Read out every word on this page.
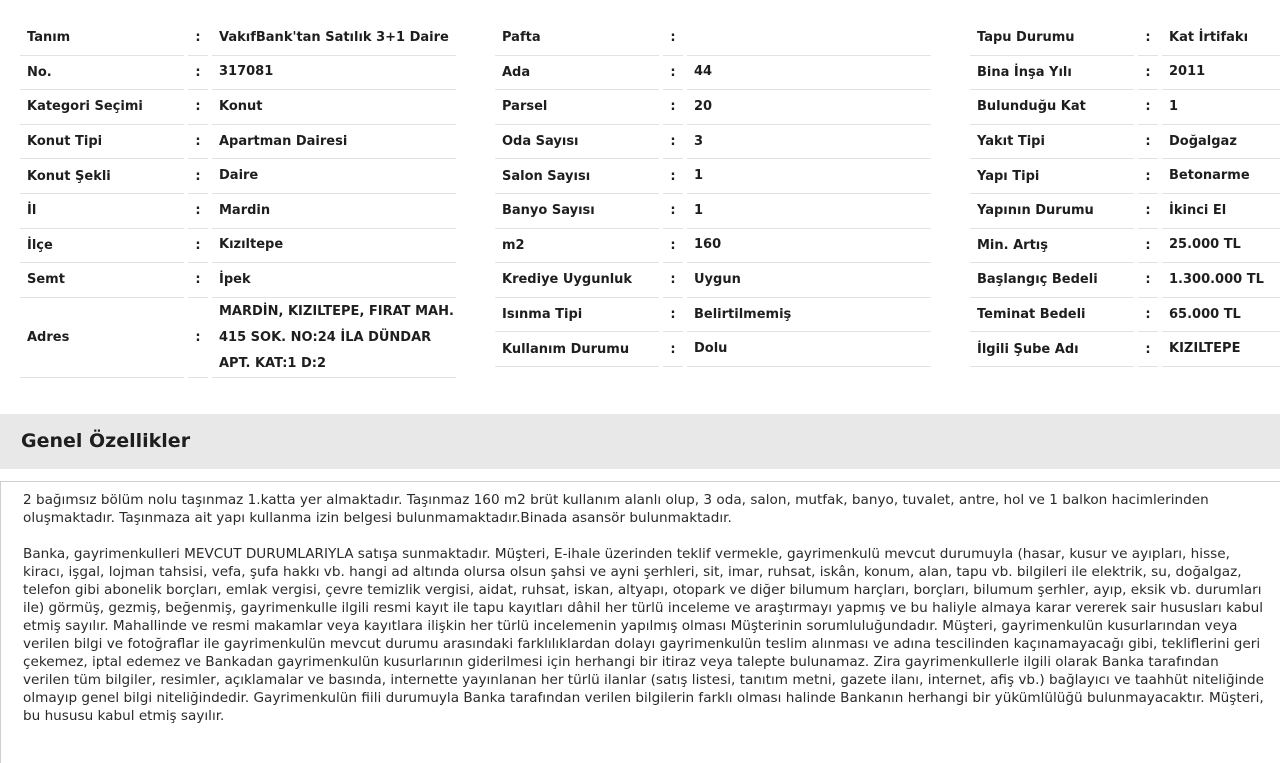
Tanım	:	VakıfBank'tan Satılık 3+1 Daire
No.	:	317081
Kategori Seçimi	:	Konut
Konut Tipi	:	Apartman Dairesi
Konut Şekli	:	Daire
İl	:	Mardin
İlçe	:	Kızıltepe
Semt	:	İpek
Adres	:
MARDİN, KIZILTEPE, FIRAT MAH.
415 SOK. NO:24 İLA DÜNDAR
APT. KAT:1 D:2
Pafta	:
Ada	:	44
Parsel	:	20
Oda Sayısı	:	3
Salon Sayısı	:	1
Banyo Sayısı	:	1
m2	:	160
Krediye Uygunluk	:	Uygun
Isınma Tipi	:	Belirtilmemiş
Kullanım Durumu	:	Dolu
Tapu Durumu	:	Kat İrtifakı
Bina İnşa Yılı	:	2011
Bulunduğu Kat	:	1
Yakıt Tipi	:	Doğalgaz
Yapı Tipi	:	Betonarme
Yapının Durumu	:	İkinci El
Min. Artış	:	25.000 TL
Başlangıç Bedeli	:	1.300.000 TL
Teminat Bedeli	:	65.000 TL
İlgili Şube Adı	:	KIZILTEPE
Genel Özellikler

2 bağımsız bölüm nolu taşınmaz 1.katta yer almaktadır. Taşınmaz 160 m2 brüt kullanım alanlı olup, 3 oda, salon, mutfak, banyo, tuvalet, antre, hol ve 1 balkon hacimlerinden oluşmaktadır. Taşınmaza ait yapı kullanma izin belgesi bulunmamaktadır.Binada asansör bulunmaktadır.

Banka, gayrimenkulleri MEVCUT DURUMLARIYLA satışa sunmaktadır. Müşteri, E-ihale üzerinden teklif vermekle, gayrimenkulü mevcut durumuyla (hasar, kusur ve ayıpları, hisse, kiracı, işgal, lojman tahsisi, vefa, şufa hakkı vb. hangi ad altında olursa olsun şahsi ve ayni şerhleri, sit, imar, ruhsat, iskân, konum, alan, tapu vb. bilgileri ile elektrik, su, doğalgaz, telefon gibi abonelik borçları, emlak vergisi, çevre temizlik vergisi, aidat, ruhsat, iskan, altyapı, otopark ve diğer bilumum harçları, borçları, bilumum şerhler, ayıp, eksik vb. durumları ile) görmüş, gezmiş, beğenmiş, gayrimenkulle ilgili resmi kayıt ile tapu kayıtları dâhil her türlü inceleme ve araştırmayı yapmış ve bu haliyle almaya karar vererek sair hususları kabul etmiş sayılır. Mahallinde ve resmi makamlar veya kayıtlara ilişkin her türlü incelemenin yapılmış olması Müşterinin sorumluluğundadır. Müşteri, gayrimenkulün kusurlarından veya verilen bilgi ve fotoğraflar ile gayrimenkulün mevcut durumu arasındaki farklılıklardan dolayı gayrimenkulün teslim alınması ve adına tescilinden kaçınamayacağı gibi, tekliflerini geri çekemez, iptal edemez ve Bankadan gayrimenkulün kusurlarının giderilmesi için herhangi bir itiraz veya talepte bulunamaz. Zira gayrimenkullerle ilgili olarak Banka tarafından verilen tüm bilgiler, resimler, açıklamalar ve basında, internette yayınlanan her türlü ilanlar (satış listesi, tanıtım metni, gazete ilanı, internet, afiş vb.) bağlayıcı ve taahhüt niteliğinde olmayıp genel bilgi niteliğindedir. Gayrimenkulün fiili durumuyla Banka tarafından verilen bilgilerin farklı olması halinde Bankanın herhangi bir yükümlülüğü bulunmayacaktır. Müşteri, bu hususu kabul etmiş sayılır.
